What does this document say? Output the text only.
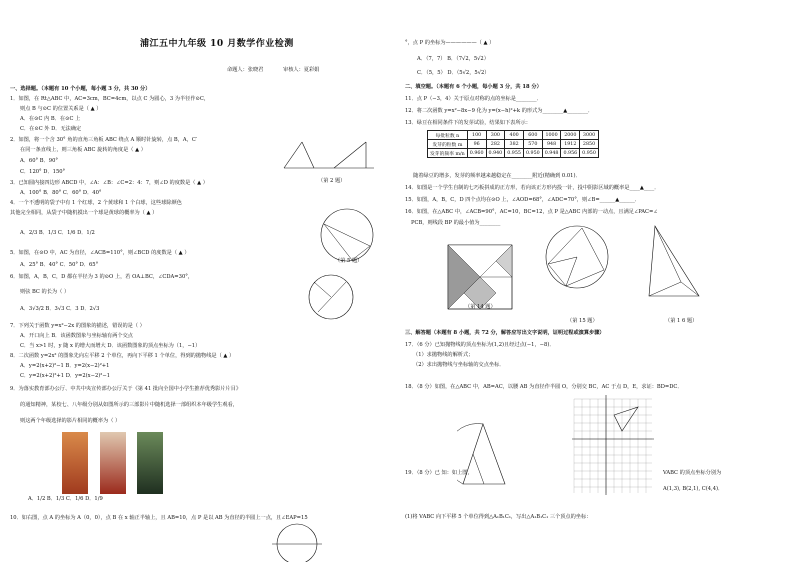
浦江五中九年级 10 月数学作业检测
命题人：张晓君	审核人：夏彩娟
一、选择题。（本题有 10 个小题，每小题 3 分，共 30 分）
1．如图，在 Rt△ABC 中，AC=3cm，BC=4cm，以点 C 为圆心，3 为半径作⊙C，
则点 B 与⊙C 的位置关系是（ ▲ ）
A．在⊙C 内 B．在⊙C 上
C．在⊙C 外 D．无法确定
2．如图，将一个含 30° 角的直角三角板 ABC 绕点 A 顺时针旋转，点 B，A，C′
在同一条直线上，则三角板 ABC 旋转的角度是（ ▲ ）
A．60° B．90°
C．120° D．150°
3．已知圆内接四边形 ABCD 中，∠A：∠B：∠C=2：4：7，则∠D 的度数是（ ▲ ）
A．100° B．80° C．60° D．40°
4．一个不透明的袋子中有 1 个红球，2 个黄球和 1 个白球，这些球除颜色
其他完全相同，从袋子中随机摸出一个球是黄球的概率为（ ▲ ）
A．2/3 B．1/3 C．1/6 D．1/2
5．如图，在⊙O 中，AC 为直径，∠ACB=110°，则∠BCD 的度数是（ ▲ ）
A．25° B．40° C．50° D．65°
6．如图，A，B，C，D 都在半径为 3 的⊙O 上，若 OA⊥BC，∠CDA=30°，
则弦 BC 的长为（ ）
A．3√3/2 B．3√3 C．3 D．2√3
7．下列关于函数 y=x²−2x 的图象的描述，错误的是（ ）
A．开口向上 B．该函数图象与坐标轴有两个交点
C．当 x>1 时，y 随 x 的增大而增大 D．该函数图象的顶点坐标为（1，−1）
8．二次函数 y=2x² 的图象先向左平移 2 个单位，再向下平移 1 个单位，得到的抛物线是（ ▲ ）
A．y=2(x+2)²−1 B．y=2(x−2)²+1
C．y=2(x+2)²+1 D．y=2(x−2)²−1
9．为落实教育部办公厅、中共中央宣传部办公厅关于《第 41 批向全国中小学生推荐优秀影片片目》
的通知精神，某校七、八年级分别从如图所示的三部影片中随机选择一部组织本年级学生观看，
则这两个年级选择的影片相同的概率为（ ）
A．1/2 B．1/3 C．1/6 D．1/9
10．如右图，点 A 的坐标为 A（0，0），点 B 在 x 轴正半轴上，且 AB=10，点 P 是以 AB 为直径的半圆上一点，且∠EAP=15
（第 2 题）
（第 5 题）
°，点 P 的坐标为——————（ ▲ ）
A．（7，7） B．（7√2，5√2）
C．（5，5） D．（5√2，5√2）
二、填空题。（本题有 6 个小题，每小题 3 分，共 18 分）
11．点 P（−3，4）关于原点对称的点的坐标是________．
12．将二次函数 y=x²−8x−9 化为 y=(x−h)²+k 的形式为________▲________．
13．绿豆在相同条件下的发芽试验，结果如下表所示：
每批粒数 n	100	300	400	600	1000	2000	3000
发芽的粒数 m	96	282	382	570	948	1912	2850
发芽的频率 m/n	0.960	0.940	0.955	0.950	0.948	0.956	0.950
随着绿豆的增多，发芽的频率越来越稳定在________附近(精确到 0.01)．
14．如图是一个学生自制的七巧板拼成的正方形，若向该正方形内投一针，投中阴影区域的概率是____▲____．
15．如图，A，B，C，D 四个点均在⊙O 上，∠AOD=68°，∠ADC=70°，则∠B=______▲______．
16．如图，在△ABC 中，∠ACB=90°，AC=10，BC=12，点 P 是△ABC 内部的一动点，且满足∠PAC=∠
PCB，则线段 BP 的最小值为________
（第 14 题）
（第 15 题）	（第 1 6 题）
三、解答题（本题有 8 小题，共 72 分，解答应写出文字说明，证明过程或演算步骤）
17．（6 分）已知抛物线的顶点坐标为(1,2)且经过点(−1，−8)．
（1）求抛物线的解析式；
（2）求出抛物线与坐标轴的交点坐标．
18．（8 分）如图，在△ABC 中，AB=AC，以腰 AB 为直径作半圆 O，分别交 BC，AC 于点 D，E，求证：BD=DC．
19．（8 分）已 知：如上图，	VABC 的顶点坐标分别为
A(1,3), B(2,1), C(4,4)．
(1)将 VABC 向下平移 5 个单位得到△A₁B₁C₁，写出△A₁B₁C₁ 三个顶点的坐标：
